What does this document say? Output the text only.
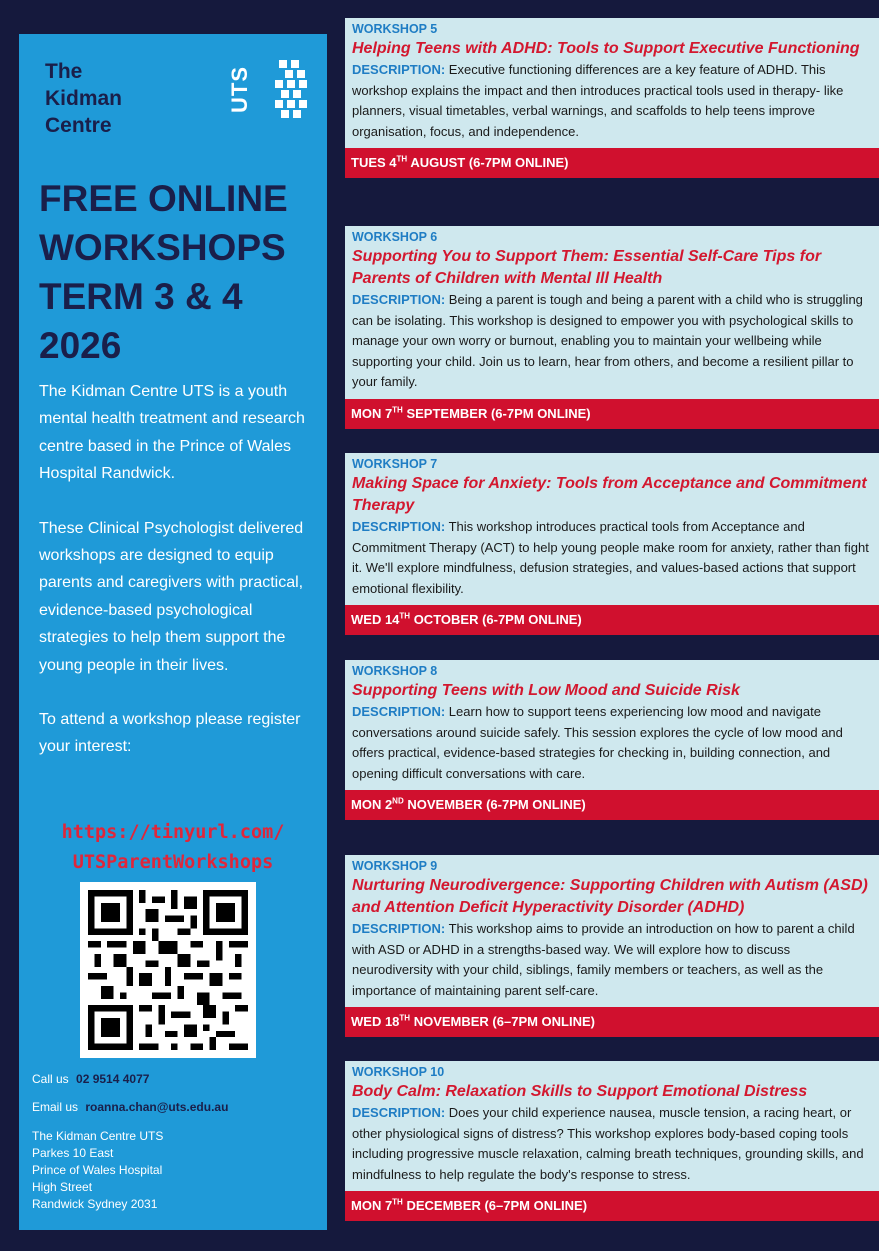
The
Kidman
Centre
UTS
FREE ONLINE
WORKSHOPS
TERM 3 & 4
2026

The Kidman Centre UTS is a youth mental health treatment and research centre based in the Prince of Wales Hospital Randwick.

These Clinical Psychologist delivered workshops are designed to equip parents and caregivers with practical, evidence-based psychological strategies to help them support the young people in their lives.

To attend a workshop please register your interest:

https://tinyurl.com/
UTSParentWorkshops
Call us 02 9514 4077
Email us roanna.chan@uts.edu.au
The Kidman Centre UTS
Parkes 10 East
Prince of Wales Hospital
High Street
Randwick Sydney 2031
WORKSHOP 5
Helping Teens with ADHD: Tools to Support Executive Functioning
DESCRIPTION: Executive functioning differences are a key feature of ADHD. This workshop explains the impact and then introduces practical tools used in therapy- like planners, visual timetables, verbal warnings, and scaffolds to help teens improve organisation, focus, and independence.
TUES 4TH AUGUST (6-7PM ONLINE)
WORKSHOP 6
Supporting You to Support Them: Essential Self-Care Tips for Parents of Children with Mental Ill Health
DESCRIPTION: Being a parent is tough and being a parent with a child who is struggling can be isolating. This workshop is designed to empower you with psychological skills to manage your own worry or burnout, enabling you to maintain your wellbeing while supporting your child. Join us to learn, hear from others, and become a resilient pillar to your family.
MON 7TH SEPTEMBER (6-7PM ONLINE)
WORKSHOP 7
Making Space for Anxiety: Tools from Acceptance and Commitment Therapy
DESCRIPTION: This workshop introduces practical tools from Acceptance and Commitment Therapy (ACT) to help young people make room for anxiety, rather than fight it. We'll explore mindfulness, defusion strategies, and values-based actions that support emotional flexibility.
WED 14TH OCTOBER (6-7PM ONLINE)
WORKSHOP 8
Supporting Teens with Low Mood and Suicide Risk
DESCRIPTION: Learn how to support teens experiencing low mood and navigate conversations around suicide safely. This session explores the cycle of low mood and offers practical, evidence-based strategies for checking in, building connection, and opening difficult conversations with care.
MON 2ND NOVEMBER (6-7PM ONLINE)
WORKSHOP 9
Nurturing Neurodivergence: Supporting Children with Autism (ASD) and Attention Deficit Hyperactivity Disorder (ADHD)
DESCRIPTION: This workshop aims to provide an introduction on how to parent a child with ASD or ADHD in a strengths-based way. We will explore how to discuss neurodiversity with your child, siblings, family members or teachers, as well as the importance of maintaining parent self-care.
WED 18TH NOVEMBER (6–7PM ONLINE)
WORKSHOP 10
Body Calm: Relaxation Skills to Support Emotional Distress
DESCRIPTION: Does your child experience nausea, muscle tension, a racing heart, or other physiological signs of distress? This workshop explores body-based coping tools including progressive muscle relaxation, calming breath techniques, grounding skills, and mindfulness to help regulate the body's response to stress.
MON 7TH DECEMBER (6–7PM ONLINE)
